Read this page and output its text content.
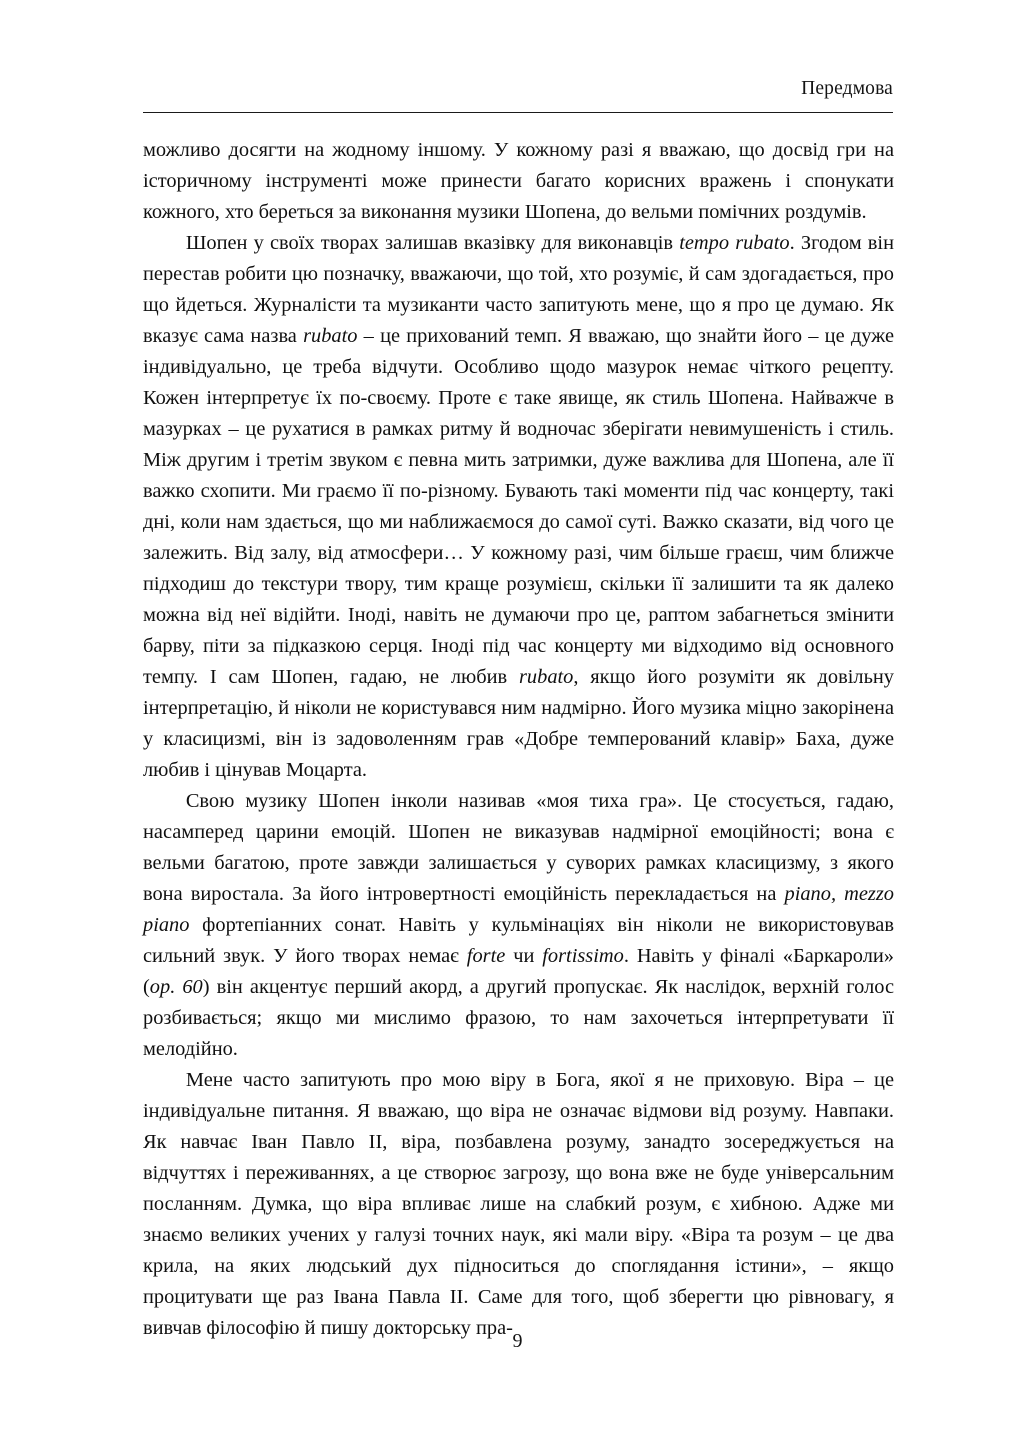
Передмова

можливо досягти на жодному іншому. У кожному разі я вважаю, що досвід гри на історичному інструменті може принести багато корисних вражень і спонукати кожного, хто береться за виконання музики Шопена, до вельми помічних роздумів.

Шопен у своїх творах залишав вказівку для виконавців tempo rubato. Згодом він перестав робити цю позначку, вважаючи, що той, хто розуміє, й сам здогадається, про що йдеться. Журналісти та музиканти часто запитують мене, що я про це думаю. Як вказує сама назва rubato – це прихований темп. Я вважаю, що знайти його – це дуже індивідуально, це треба відчути. Особливо щодо мазурок немає чіткого рецепту. Кожен інтерпретує їх по-своєму. Проте є таке явище, як стиль Шопена. Найважче в мазурках – це рухатися в рамках ритму й водночас зберігати невимушеність і стиль. Між другим і третім звуком є певна мить затримки, дуже важлива для Шопена, але її важко схопити. Ми граємо її по-різному. Бувають такі моменти під час концерту, такі дні, коли нам здається, що ми наближаємося до самої суті. Важко сказати, від чого це залежить. Від залу, від атмосфери… У кожному разі, чим більше граєш, чим ближче підходиш до текстури твору, тим краще розумієш, скільки її залишити та як далеко можна від неї відійти. Іноді, навіть не думаючи про це, раптом забагнеться змінити барву, піти за підказкою серця. Іноді під час концерту ми відходимо від основного темпу. І сам Шопен, гадаю, не любив rubato, якщо його розуміти як довільну інтерпретацію, й ніколи не користувався ним надмірно. Його музика міцно закорінена у класицизмі, він із задоволенням грав «Добре темперований клавір» Баха, дуже любив і цінував Моцарта.

Свою музику Шопен інколи називав «моя тиха гра». Це стосується, гадаю, насамперед царини емоцій. Шопен не виказував надмірної емоційності; вона є вельми багатою, проте завжди залишається у суворих рамках класицизму, з якого вона виростала. За його інтровертності емоційність перекладається на piano, mezzo piano фортепіанних сонат. Навіть у кульмінаціях він ніколи не використовував сильний звук. У його творах немає forte чи fortissimo. Навіть у фіналі «Баркароли» (op. 60) він акцентує перший акорд, а другий пропускає. Як наслідок, верхній голос розбивається; якщо ми мислимо фразою, то нам захочеться інтерпретувати її мелодійно.

Мене часто запитують про мою віру в Бога, якої я не приховую. Віра – це індивідуальне питання. Я вважаю, що віра не означає відмови від розуму. Навпаки. Як навчає Іван Павло II, віра, позбавлена розуму, занадто зосереджується на відчуттях і переживаннях, а це створює загрозу, що вона вже не буде універсальним посланням. Думка, що віра впливає лише на слабкий розум, є хибною. Адже ми знаємо великих учених у галузі точних наук, які мали віру. «Віра та розум – це два крила, на яких людський дух підноситься до споглядання істини», – якщо процитувати ще раз Івана Павла II. Саме для того, щоб зберегти цю рівновагу, я вивчав філософію й пишу докторську пра-

9
